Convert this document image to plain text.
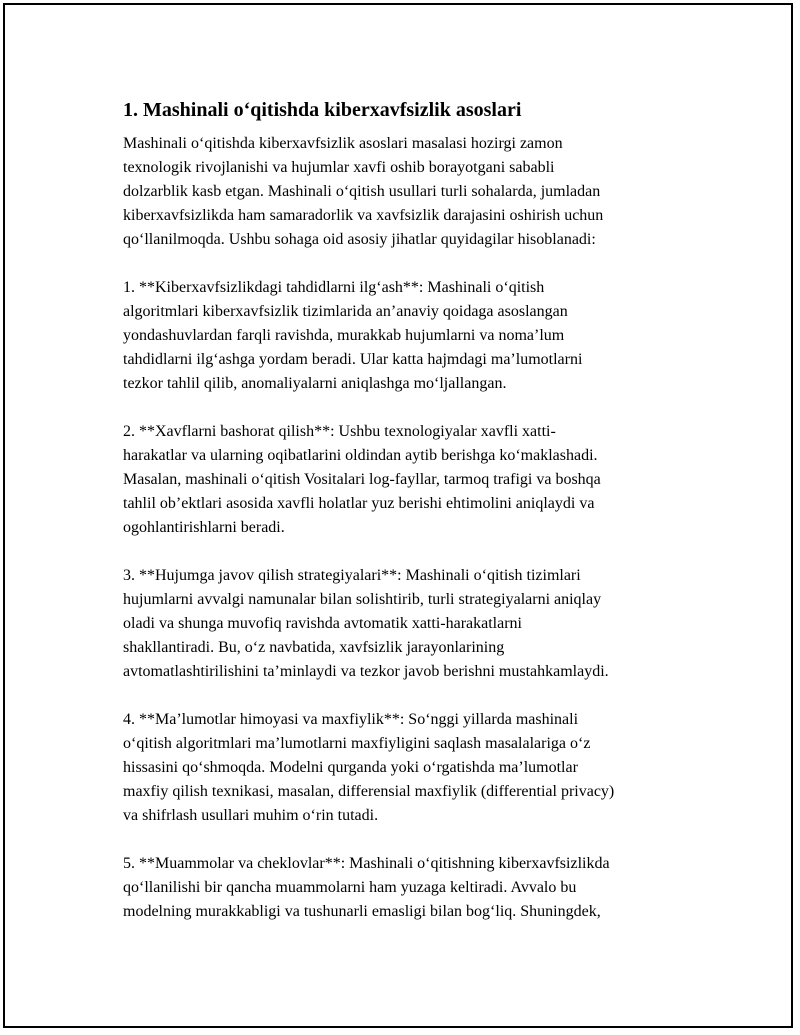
1. Mashinali o‘qitishda kiberxavfsizlik asoslari

Mashinali o‘qitishda kiberxavfsizlik asoslari masalasi hozirgi zamon
texnologik rivojlanishi va hujumlar xavfi oshib borayotgani sababli
dolzarblik kasb etgan. Mashinali o‘qitish usullari turli sohalarda, jumladan
kiberxavfsizlikda ham samaradorlik va xavfsizlik darajasini oshirish uchun
qo‘llanilmoqda. Ushbu sohaga oid asosiy jihatlar quyidagilar hisoblanadi:

1. **Kiberxavfsizlikdagi tahdidlarni ilg‘ash**: Mashinali o‘qitish
algoritmlari kiberxavfsizlik tizimlarida an’anaviy qoidaga asoslangan
yondashuvlardan farqli ravishda, murakkab hujumlarni va noma’lum
tahdidlarni ilg‘ashga yordam beradi. Ular katta hajmdagi ma’lumotlarni
tezkor tahlil qilib, anomaliyalarni aniqlashga mo‘ljallangan.

2. **Xavflarni bashorat qilish**: Ushbu texnologiyalar xavfli xatti-
harakatlar va ularning oqibatlarini oldindan aytib berishga ko‘maklashadi.
Masalan, mashinali o‘qitish Vositalari log-fayllar, tarmoq trafigi va boshqa
tahlil ob’ektlari asosida xavfli holatlar yuz berishi ehtimolini aniqlaydi va
ogohlantirishlarni beradi.

3. **Hujumga javov qilish strategiyalari**: Mashinali o‘qitish tizimlari
hujumlarni avvalgi namunalar bilan solishtirib, turli strategiyalarni aniqlay
oladi va shunga muvofiq ravishda avtomatik xatti-harakatlarni
shakllantiradi. Bu, o‘z navbatida, xavfsizlik jarayonlarining
avtomatlashtirilishini ta’minlaydi va tezkor javob berishni mustahkamlaydi.

4. **Ma’lumotlar himoyasi va maxfiylik**: So‘nggi yillarda mashinali
o‘qitish algoritmlari ma’lumotlarni maxfiyligini saqlash masalalariga o‘z
hissasini qo‘shmoqda. Modelni qurganda yoki o‘rgatishda ma’lumotlar
maxfiy qilish texnikasi, masalan, differensial maxfiylik (differential privacy)
va shifrlash usullari muhim o‘rin tutadi.

5. **Muammolar va cheklovlar**: Mashinali o‘qitishning kiberxavfsizlikda
qo‘llanilishi bir qancha muammolarni ham yuzaga keltiradi. Avvalo bu
modelning murakkabligi va tushunarli emasligi bilan bog‘liq. Shuningdek,
